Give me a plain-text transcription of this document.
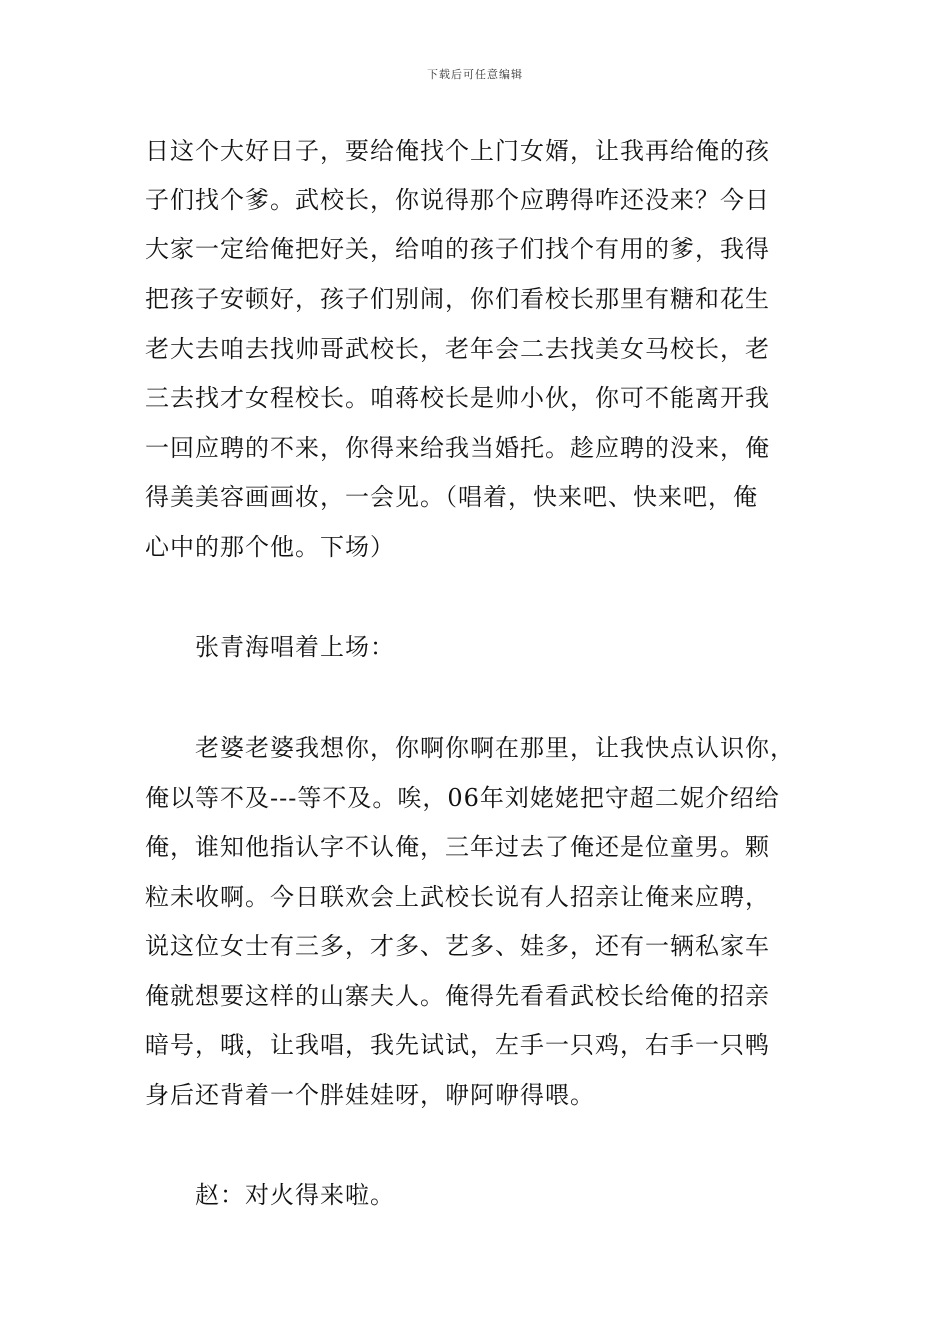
下载后可任意编辑
日这个大好日子，要给俺找个上门女婿，让我再给俺的孩
子们找个爹。武校长，你说得那个应聘得咋还没来？今日
大家一定给俺把好关，给咱的孩子们找个有用的爹，我得
把孩子安顿好，孩子们别闹，你们看校长那里有糖和花生
老大去咱去找帅哥武校长，老年会二去找美女马校长，老
三去找才女程校长。咱蒋校长是帅小伙，你可不能离开我
一回应聘的不来，你得来给我当婚托。趁应聘的没来，俺
得美美容画画妆，一会见。（唱着，快来吧、快来吧，俺
心中的那个他。下场）
张青海唱着上场：
老婆老婆我想你，你啊你啊在那里，让我快点认识你，
俺以等不及---等不及。唉，06年刘姥姥把守超二妮介绍给
俺，谁知他指认字不认俺，三年过去了俺还是位童男。颗
粒未收啊。今日联欢会上武校长说有人招亲让俺来应聘，
说这位女士有三多，才多、艺多、娃多，还有一辆私家车
俺就想要这样的山寨夫人。俺得先看看武校长给俺的招亲
暗号，哦，让我唱，我先试试，左手一只鸡，右手一只鸭
身后还背着一个胖娃娃呀，咿阿咿得喂。
赵：对火得来啦。
